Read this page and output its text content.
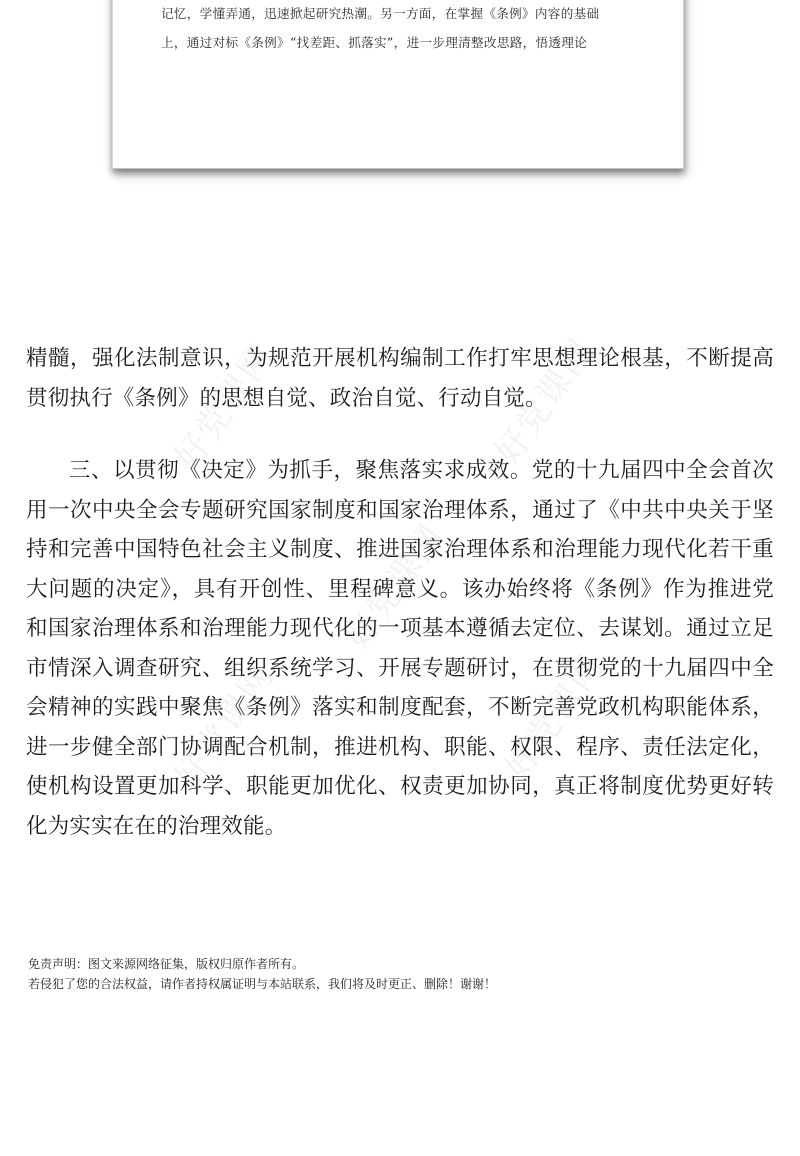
记忆，学懂弄通，迅速掀起研究热潮。另一方面，在掌握《条例》内容的基础
上，通过对标《条例》“找差距、抓落实”，进一步理清整改思路，悟透理论
好党课网	好党课网
好党课网
好党课网	好党课网

精髓，强化法制意识，为规范开展机构编制工作打牢思想理论根基，不断提高贯彻执行《条例》的思想自觉、政治自觉、行动自觉。

三、以贯彻《决定》为抓手，聚焦落实求成效。党的十九届四中全会首次用一次中央全会专题研究国家制度和国家治理体系，通过了《中共中央关于坚持和完善中国特色社会主义制度、推进国家治理体系和治理能力现代化若干重大问题的决定》，具有开创性、里程碑意义。该办始终将《条例》作为推进党和国家治理体系和治理能力现代化的一项基本遵循去定位、去谋划。通过立足市情深入调查研究、组织系统学习、开展专题研讨，在贯彻党的十九届四中全会精神的实践中聚焦《条例》落实和制度配套，不断完善党政机构职能体系，进一步健全部门协调配合机制，推进机构、职能、权限、程序、责任法定化，使机构设置更加科学、职能更加优化、权责更加协同，真正将制度优势更好转化为实实在在的治理效能。

免责声明：图文来源网络征集，版权归原作者所有。
若侵犯了您的合法权益，请作者持权属证明与本站联系，我们将及时更正、删除！谢谢！
